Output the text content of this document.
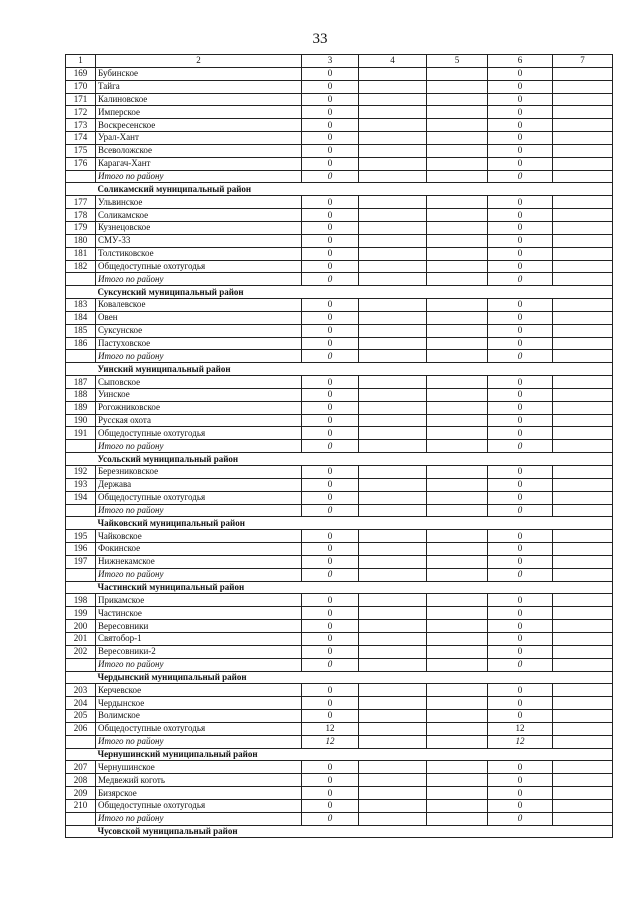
33
1	2	3	4	5	6	7
169	Бубинское	0			0	
170	Тайга	0			0	
171	Калиновское	0			0	
172	Имперское	0			0	
173	Воскресенское	0			0	
174	Урал-Хант	0			0	
175	Всеволожское	0			0	
176	Карагач-Хант	0			0	
	Итого по району	0			0	
	Соликамский муниципальный район					
177	Ульвинское	0			0	
178	Соликамское	0			0	
179	Кузнецовское	0			0	
180	СМУ-33	0			0	
181	Толстиковское	0			0	
182	Общедоступные охотугодья	0			0	
	Итого по району	0			0	
	Суксунский муниципальный район					
183	Ковалевское	0			0	
184	Овен	0			0	
185	Суксунское	0			0	
186	Пастуховское	0			0	
	Итого по району	0			0	
	Уинский муниципальный район					
187	Сыповское	0			0	
188	Уинское	0			0	
189	Рогожниковское	0			0	
190	Русская охота	0			0	
191	Общедоступные охотугодья	0			0	
	Итого по району	0			0	
	Усольский муниципальный район					
192	Березниковское	0			0	
193	Держава	0			0	
194	Общедоступные охотугодья	0			0	
	Итого по району	0			0	
	Чайковский муниципальный район					
195	Чайковское	0			0	
196	Фокинское	0			0	
197	Нижнекамское	0			0	
	Итого по району	0			0	
	Частинский муниципальный район					
198	Прикамское	0			0	
199	Частинское	0			0	
200	Вересовники	0			0	
201	Святобор-1	0			0	
202	Вересовники-2	0			0	
	Итого по району	0			0	
	Чердынский муниципальный район					
203	Керчевское	0			0	
204	Чердынское	0			0	
205	Волимское	0			0	
206	Общедоступные охотугодья	12			12	
	Итого по району	12			12	
	Чернушинский муниципальный район					
207	Чернушинское	0			0	
208	Медвежий коготь	0			0	
209	Бизярское	0			0	
210	Общедоступные охотугодья	0			0	
	Итого по району	0			0	
	Чусовской муниципальный район					
